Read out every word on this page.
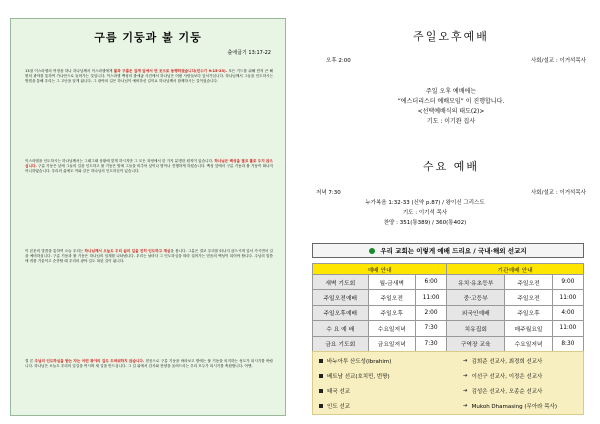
구름 기둥과 불 기둥
출애굽기 13:17-22
13절 이스라엘의 여정을 하나 하나님께서 이스라엘에게 불과 구름은 길게 앞에서 먼 곳으로 동행하였습니다(민수기 9:15-23). 모든 기드를 위해 먼저 큰 해변의 광야를 통하여 가나안으로 들어가는 것입니다. 이스라엘 백성의 출애굽 사건에서 하나님은 어떤 사람들보다 앞서가십니다. 하나님께서 그들을 인도하시는 방법을 통해 우리는 그 고난을 알게 됩니다. 그 광야의 길은 하나님이 예비하신 길이요 하나님께서 함께하시는 길이었습니다.
이스라엘을 인도하시는 하나님께서는 그때그때 상황에 맞게 하시지만 그 모든 과정에서 한 가지 분명한 원칙이 있습니다. 하나님은 백성을 결코 홀로 두지 않으십니다. 구름 기둥은 낮에 그들의 길을 인도하고 불 기둥은 밤에 그들을 비추어 낮이나 밤이나 진행하게 하셨습니다. 백성 앞에서 구름 기둥과 불 기둥이 떠나지 아니하였습니다. 우리의 삶에도 이와 같은 하나님의 인도하심이 있습니다.
이 본문의 말씀을 통하여 오늘 우리는 하나님께서 오늘도 우리 삶의 길을 친히 인도하고 계심을 봅니다. 그분은 결코 우리를 떠나지 않으시며 앞서 가시면서 길을 예비하십니다. 구름 기둥과 불 기둥은 하나님의 임재를 나타냅니다. 우리는 날마다 그 인도하심을 따라 걸어가는 믿음의 백성이 되어야 합니다. 주님의 말씀에 귀를 기울이고 순종할 때 우리의 광야 길도 복된 길이 됩니다.
결 론 주님의 인도하심을 받는 자는 어떤 광야의 길도 두려워하지 않습니다. 믿음으로 구름 기둥을 바라보고 밤에는 불 기둥을 의지하는 성도가 되시기를 바랍니다. 하나님은 오늘도 우리의 앞길을 여시며 새 길을 만드십니다. 그 길 위에서 감사와 찬양을 올려드리는 우리 모두가 되시기를 축원합니다. 아멘.
주일오후예배
오후 2:00	사회/설교 : 이거석목사
주일 오후 예배에는
“에스더리스더 예배모임” 이 진행합니다.
<선택예배식의 태도(2)>
기도 : 이기완 집사
수요 예배
저녁 7:30	사회/설교 : 이거석목사
누가복음 1:32-33 (신약 p.87) / 왕이신 그리스도
기도 : 이기석 목사
찬양 : 351(통389) / 360(통402)
우리 교회는 이렇게 예배 드리요 / 국내·해외 선교지
예배 안내			기관예배 안내		
새벽 기도회	월-금새벽	6:00	유치·유초등부	주일오전	9:00
주일오전예배	주일오전	11:00	중·고등부	주일오전	11:00
주일오후예배	주일오후	2:00	외국인예배	주일오후	4:00
수 요 예 배	수요일저녁	7:30	치유집회	매주월요일	11:00
금요 기도회	금요일저녁	7:30	구역장 교육	수요일저녁	8:30
바누아투 산도성(Ibrahim)	➔ 김희준 선교사, 최경희 선교사
베트남 선교(호치민, 번짱)	➔ 이선구 선교사, 이정은 선교사
태국 선교	➔ 김성은 선교사, 오종순 선교사
인도 선교	➔ Mukoh Dhamasing (무아라 목사)
